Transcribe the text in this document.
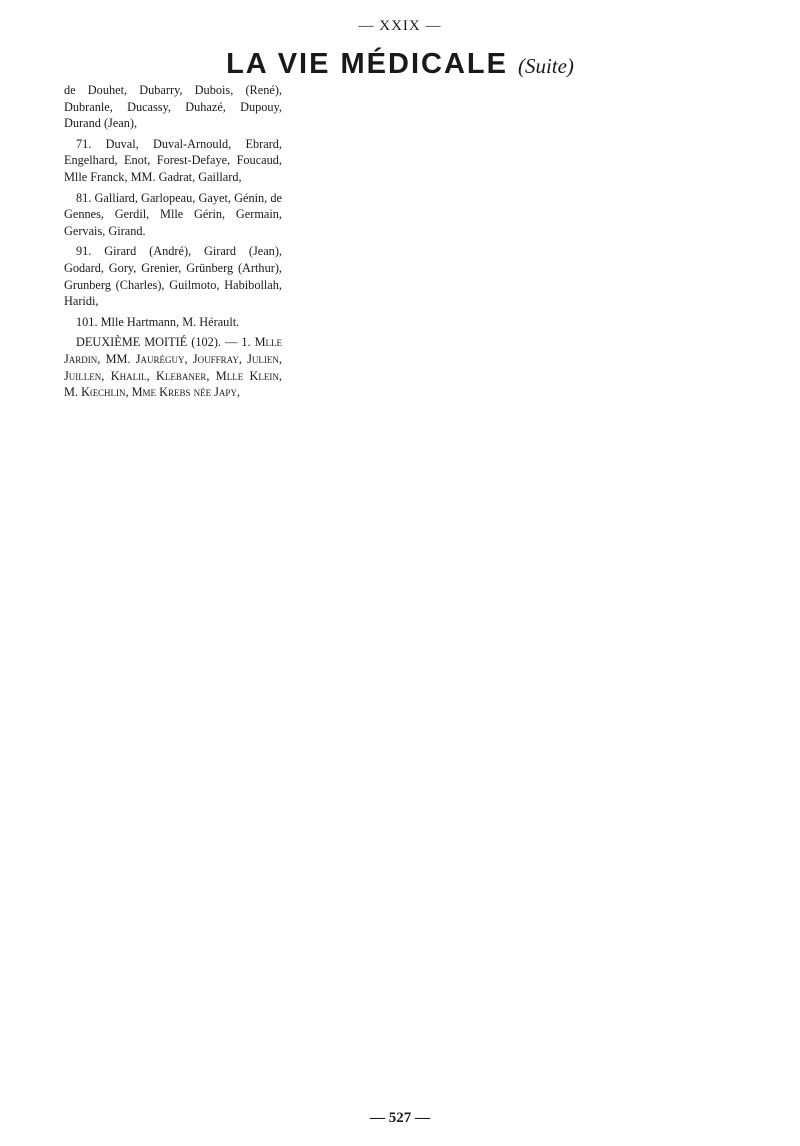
— XXIX —
LA VIE MÉDICALE (Suite)

de Douhet, Dubarry, Dubois, (René), Dubranle, Ducassy, Duhazé, Dupouy, Durand (Jean),

71. Duval, Duval-Arnould, Ebrard, Engelhard, Enot, Forest-Defaye, Foucaud, Mlle Franck, MM. Gadrat, Gaillard,

81. Galliard, Garlopeau, Gayet, Génin, de Gennes, Gerdil, Mlle Gérin, Germain, Gervais, Girand.

91. Girard (André), Girard (Jean), Godard, Gory, Grenier, Grünberg (Arthur), Grunberg (Charles), Guilmoto, Habibollah, Haridi,

101. Mlle Hartmann, M. Hérault.

DEUXIÈME MOITIÉ (102). — 1. Mlle Jardin, MM. Jauréguy, Jouffray, Julien, Juillen, Khalil, Klebaner, Mlle Klein, M. Kœchlin, Mme Krebs née Japy,

— 527 —
